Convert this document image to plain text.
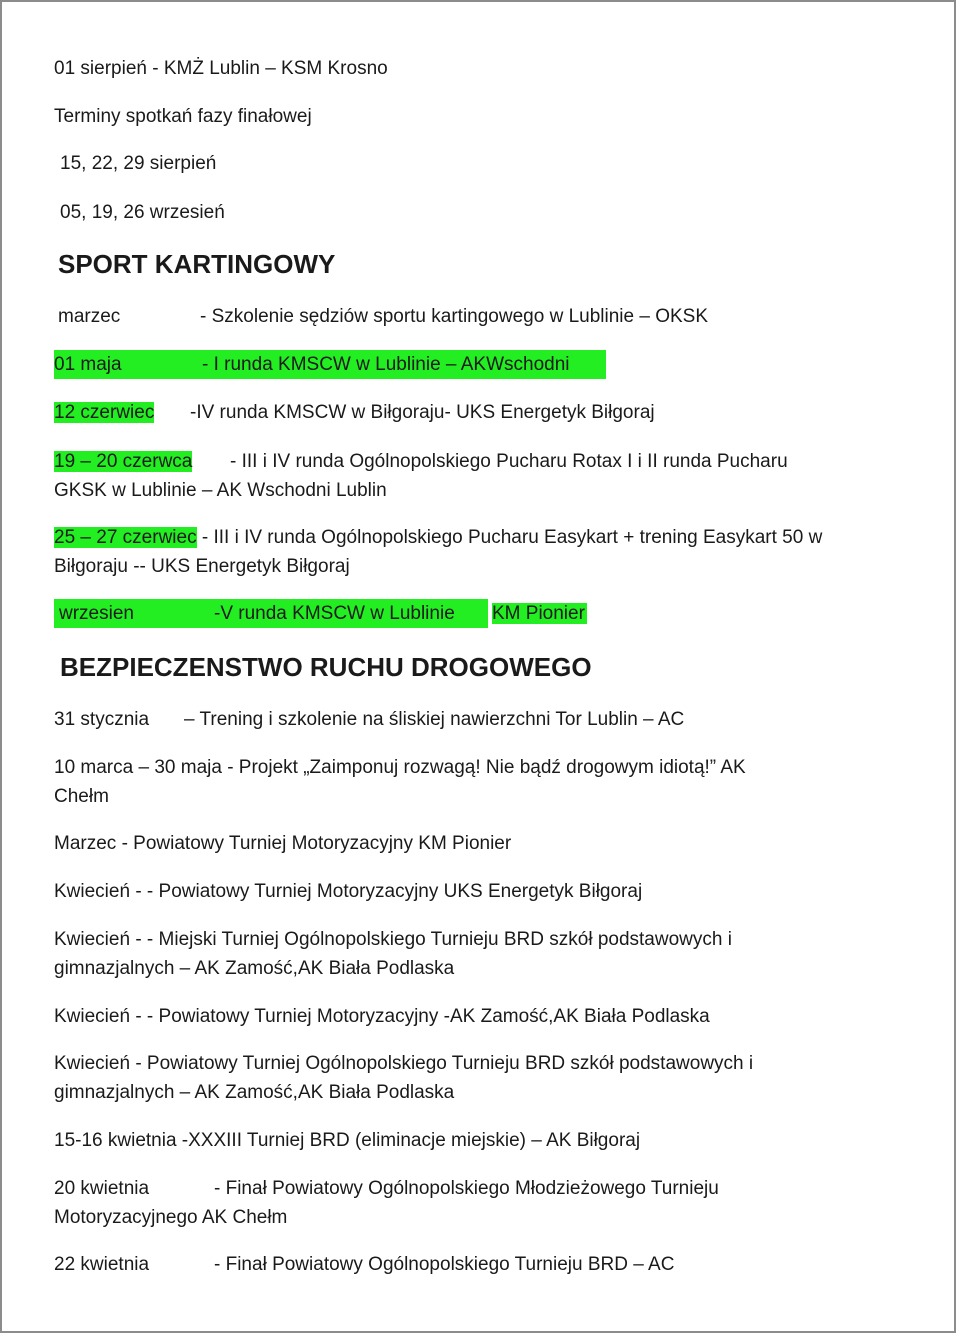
01 sierpień - KMŻ Lublin – KSM Krosno
Terminy spotkań fazy finałowej
15, 22, 29 sierpień
05, 19, 26 wrzesień
SPORT KARTINGOWY
marzec	- Szkolenie sędziów sportu kartingowego w Lublinie – OKSK
01 maja	- I runda KMSCW w Lublinie – AKWschodni
12 czerwiec -IV runda KMSCW w Biłgoraju- UKS Energetyk Biłgoraj
19 – 20 czerwca - III i IV runda Ogólnopolskiego Pucharu Rotax I i II runda Pucharu
GKSK w Lublinie – AK Wschodni Lublin
25 – 27 czerwiec - III i IV runda Ogólnopolskiego Pucharu Easykart + trening Easykart 50 w
Biłgoraju -- UKS Energetyk Biłgoraj
wrzesien	-V runda KMSCW w Lublinie KM Pionier
BEZPIECZENSTWO RUCHU DROGOWEGO
31 stycznia – Trening i szkolenie na śliskiej nawierzchni Tor Lublin – AC
10 marca – 30 maja - Projekt „Zaimponuj rozwagą! Nie bądź drogowym idiotą!” AK
Chełm
Marzec - Powiatowy Turniej Motoryzacyjny KM Pionier
Kwiecień - - Powiatowy Turniej Motoryzacyjny UKS Energetyk Biłgoraj
Kwiecień - - Miejski Turniej Ogólnopolskiego Turnieju BRD szkół podstawowych i
gimnazjalnych – AK Zamość,AK Biała Podlaska
Kwiecień - - Powiatowy Turniej Motoryzacyjny -AK Zamość,AK Biała Podlaska
Kwiecień - Powiatowy Turniej Ogólnopolskiego Turnieju BRD szkół podstawowych i
gimnazjalnych – AK Zamość,AK Biała Podlaska
15-16 kwietnia -XXXIII Turniej BRD (eliminacje miejskie) – AK Biłgoraj
20 kwietnia	- Finał Powiatowy Ogólnopolskiego Młodzieżowego Turnieju
Motoryzacyjnego AK Chełm
22 kwietnia	- Finał Powiatowy Ogólnopolskiego Turnieju BRD – AC
